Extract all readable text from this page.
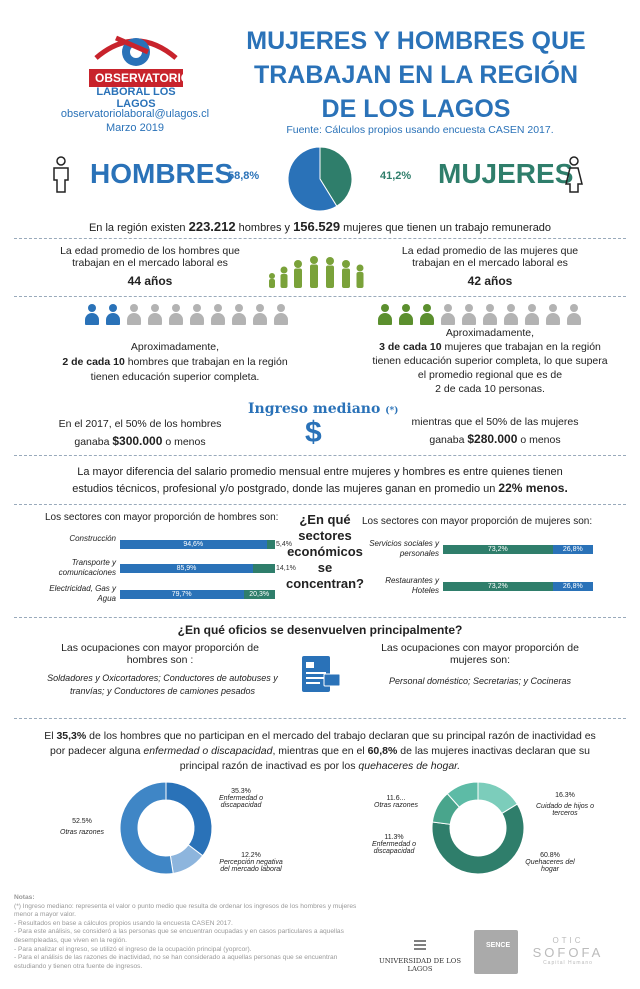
OBSERVATORIO
LABORAL LOS LAGOS
observatoriolaboral@ulagos.cl
Marzo 2019
MUJERES Y HOMBRES QUE TRABAJAN EN LA REGIÓN DE LOS LAGOS
Fuente: Cálculos propios usando encuesta CASEN 2017.
HOMBRES
58,8%	41,2% MUJERES
En la región existen 223.212 hombres y 156.529 mujeres que tienen un trabajo remunerado
La edad promedio de los hombres que trabajan en el mercado laboral es
44 años
La edad promedio de las mujeres que trabajan en el mercado laboral es
42 años
Aproximadamente,
2 de cada 10 hombres que trabajan en la región tienen educación superior completa.
Aproximadamente,
3 de cada 10 mujeres que trabajan en la región tienen educación superior completa, lo que supera el promedio regional que es de
2 de cada 10 personas.
Ingreso mediano (*)
$
En el 2017, el 50% de los hombres
ganaba $300.000 o menos
mientras que el 50% de las mujeres
ganaba $280.000 o menos
La mayor diferencia del salario promedio mensual entre mujeres y hombres es entre quienes tienen estudios técnicos, profesional y/o postgrado, donde las mujeres ganan en promedio un 22% menos.
Los sectores con mayor proporción de hombres son:	Los sectores con mayor proporción de mujeres son:
¿En qué sectores económicos se concentran?
Construcción
94,6%	5,4%
Transporte y comunicaciones	85,9%	14,1%
Electricidad, Gas y Agua	79,7%	20,3%
Servicios sociales y personales	73,2%	26,8%
Restaurantes y Hoteles	73,2%	26,8%
¿En qué oficios se desenvuelven principalmente?
Las ocupaciones con mayor proporción de hombres son :
Soldadores y Oxicortadores; Conductores de autobuses y tranvías; y Conductores de camiones pesados
Las ocupaciones con mayor proporción de mujeres son:
Personal doméstico; Secretarias; y Cocineras
El 35,3% de los hombres que no participan en el mercado del trabajo declaran que su principal razón de inactividad es por padecer alguna enfermedad o discapacidad, mientras que en el 60,8% de las mujeres inactivas declaran que su principal razón de inactivad es por los quehaceres de hogar.
35.3%
Enfermedad o discapacidad
12.2%
Percepción negativa del mercado laboral
52.5%
Otras razones
16.3%
Cuidado de hijos o terceros
60.8%
Quehaceres del hogar
11.3%
Enfermedad o discapacidad
11.6...
Otras razones
Notas:
(*) Ingreso mediano: representa el valor o punto medio que resulta de ordenar los ingresos de los hombres y mujeres menor a mayor valor.
- Resultados en base a cálculos propios usando la encuesta CASEN 2017.
- Para este análisis, se consideró a las personas que se encuentran ocupadas y en casos particulares a aquellas desempleadas, que viven en la región.
- Para analizar el ingreso, se utilizó el ingreso de la ocupación principal (yoprcor).
- Para el análisis de las razones de inactividad, no se han considerado a aquellas personas que se encuentran estudiando y tienen otra fuente de ingresos.
UNIVERSIDAD DE LOS LAGOS
SENCE
OTIC
SOFOFA
Capital Humano
